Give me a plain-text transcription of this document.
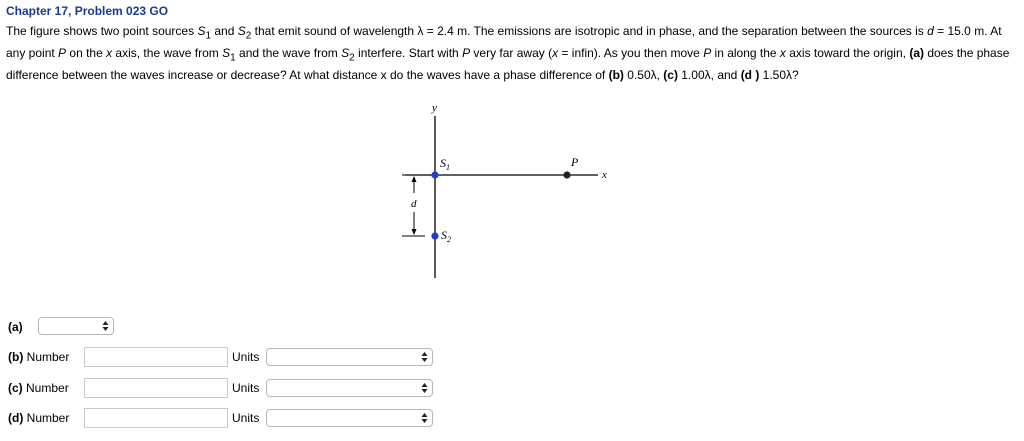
Chapter 17, Problem 023 GO
The figure shows two point sources $S_1$ and $S_2$ that emit sound of wavelength λ = 2.4 m. The emissions are isotropic and in phase, and the separation between the sources is d = 15.0 m. At any point P on the x axis, the wave from $S_1$ and the wave from $S_2$ interfere. Start with P very far away (x = infin). As you then move P in along the x axis toward the origin, (a) does the phase difference between the waves increase or decrease? At what distance x do the waves have a phase difference of (b) 0.50λ, (c) 1.00λ, and (d ) 1.50λ?
d
y
x
$S_1$
$S_2$
P
(a)
(b) Number	Units
(c) Number	Units
(d) Number	Units
